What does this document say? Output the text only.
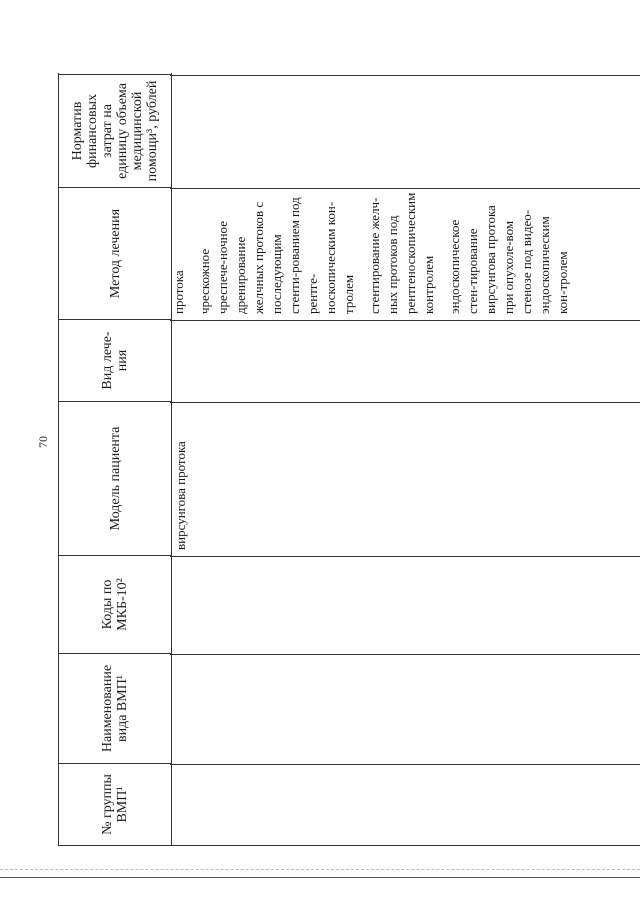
70
№ группы ВМП¹
Наименование вида ВМП¹
Коды по МКБ-10²
Модель пациента
Вид лече-ния
Метод лечения
Норматив финансовых затрат на единицу объема медицинской помощи³, рублей
вирсунгова протока
протока чрескожное чреспече-ночное дренирование желчных протоков с последующим стенти-рованием под рентге-носкопическим кон-тролем стентирование желч-ных протоков под рентгеноскопическим контролем эндоскопическое стен-тирование вирсунгова протока при опухоле-вом стенозе под видео-эндоскопическим кон-тролем
